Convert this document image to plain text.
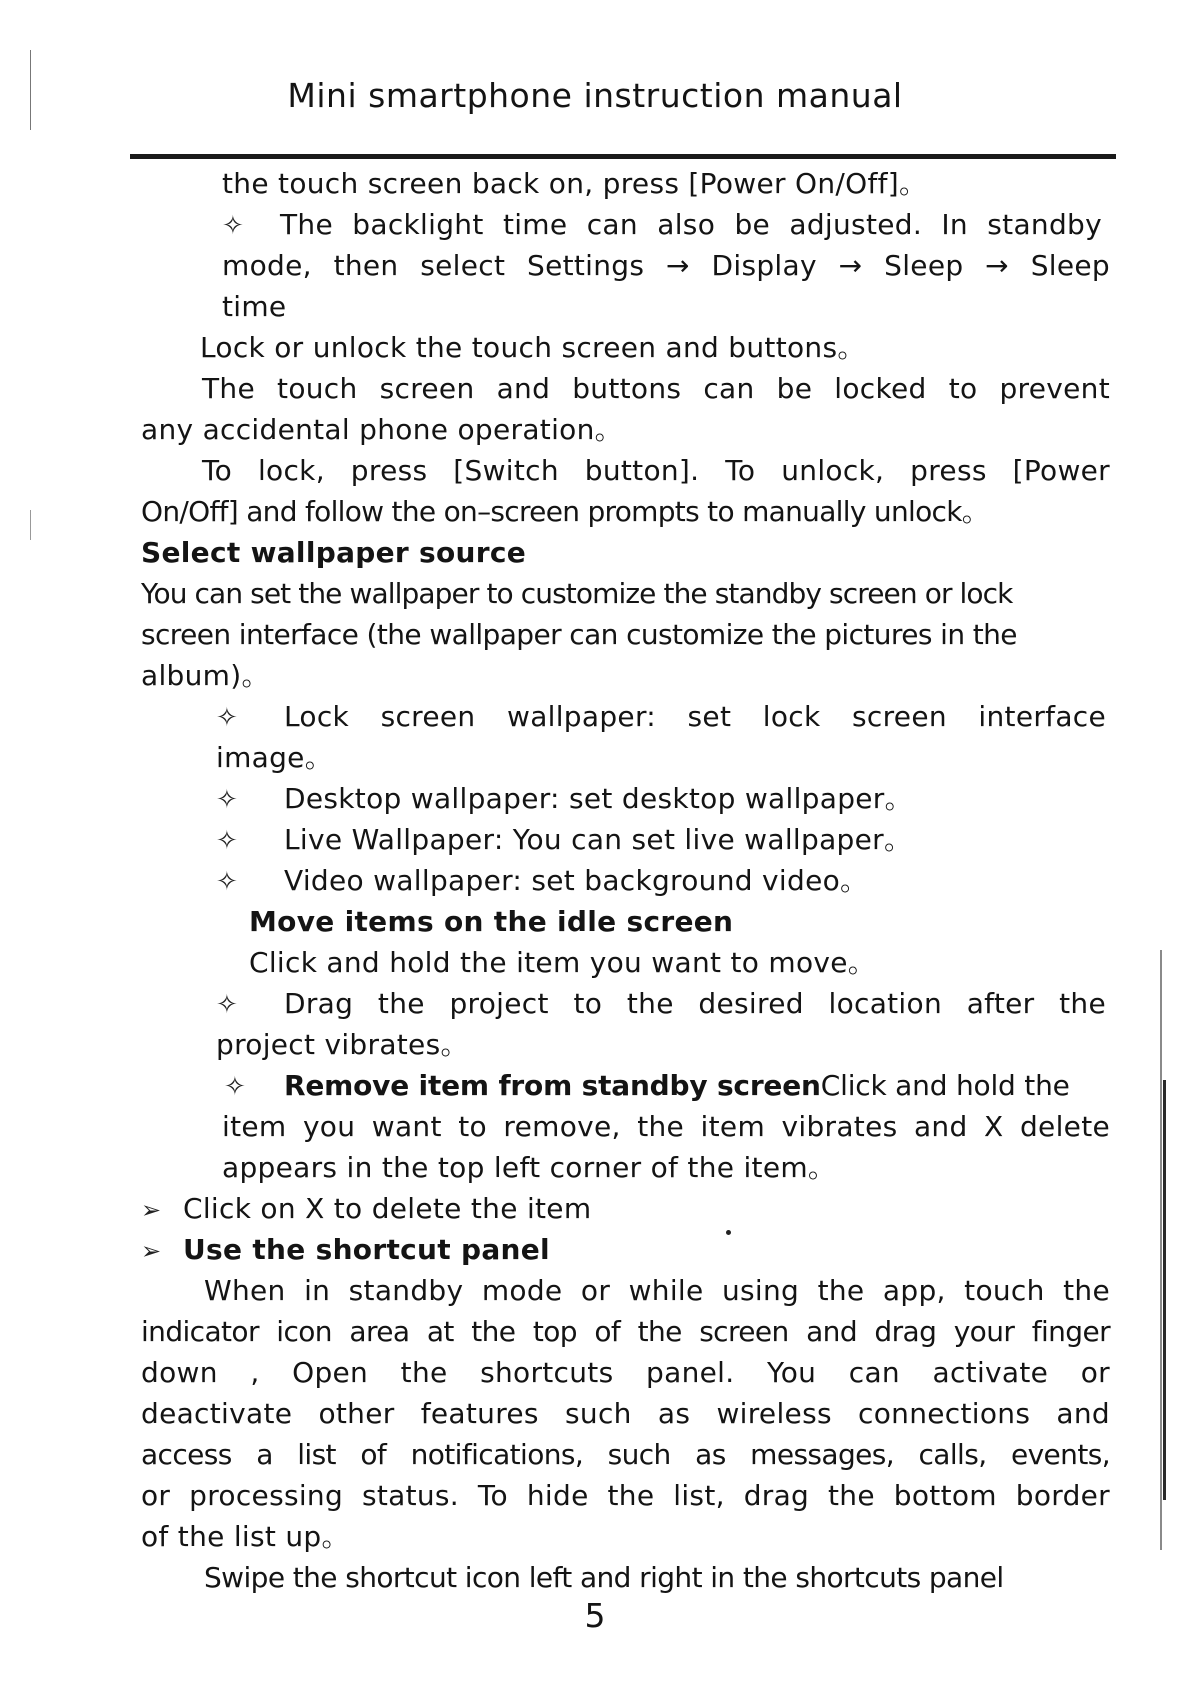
Mini smartphone instruction manual
the touch screen back on, press [Power On/Off]。
✧ The backlight time can also be adjusted. In standby
mode, then select Settings → Display → Sleep → Sleep
time
Lock or unlock the touch screen and buttons。
The touch screen and buttons can be locked to prevent
any accidental phone operation。
To lock, press [Switch button]. To unlock, press [Power
On/Off] and follow the on–screen prompts to manually unlock。
Select wallpaper source
You can set the wallpaper to customize the standby screen or lock
screen interface (the wallpaper can customize the pictures in the
album)。
✧ Lock screen wallpaper: set lock screen interface
image。
✧ Desktop wallpaper: set desktop wallpaper。
✧ Live Wallpaper: You can set live wallpaper。
✧ Video wallpaper: set background video。
Move items on the idle screen
Click and hold the item you want to move。
✧ Drag the project to the desired location after the
project vibrates。
✧ Remove item from standby screenClick and hold the
item you want to remove, the item vibrates and X delete
appears in the top left corner of the item。
➢ Click on X to delete the item
➢ Use the shortcut panel
When in standby mode or while using the app, touch the
indicator icon area at the top of the screen and drag your finger
down , Open the shortcuts panel. You can activate or
deactivate other features such as wireless connections and
access a list of notifications, such as messages, calls, events,
or processing status. To hide the list, drag the bottom border
of the list up。
Swipe the shortcut icon left and right in the shortcuts panel
5
